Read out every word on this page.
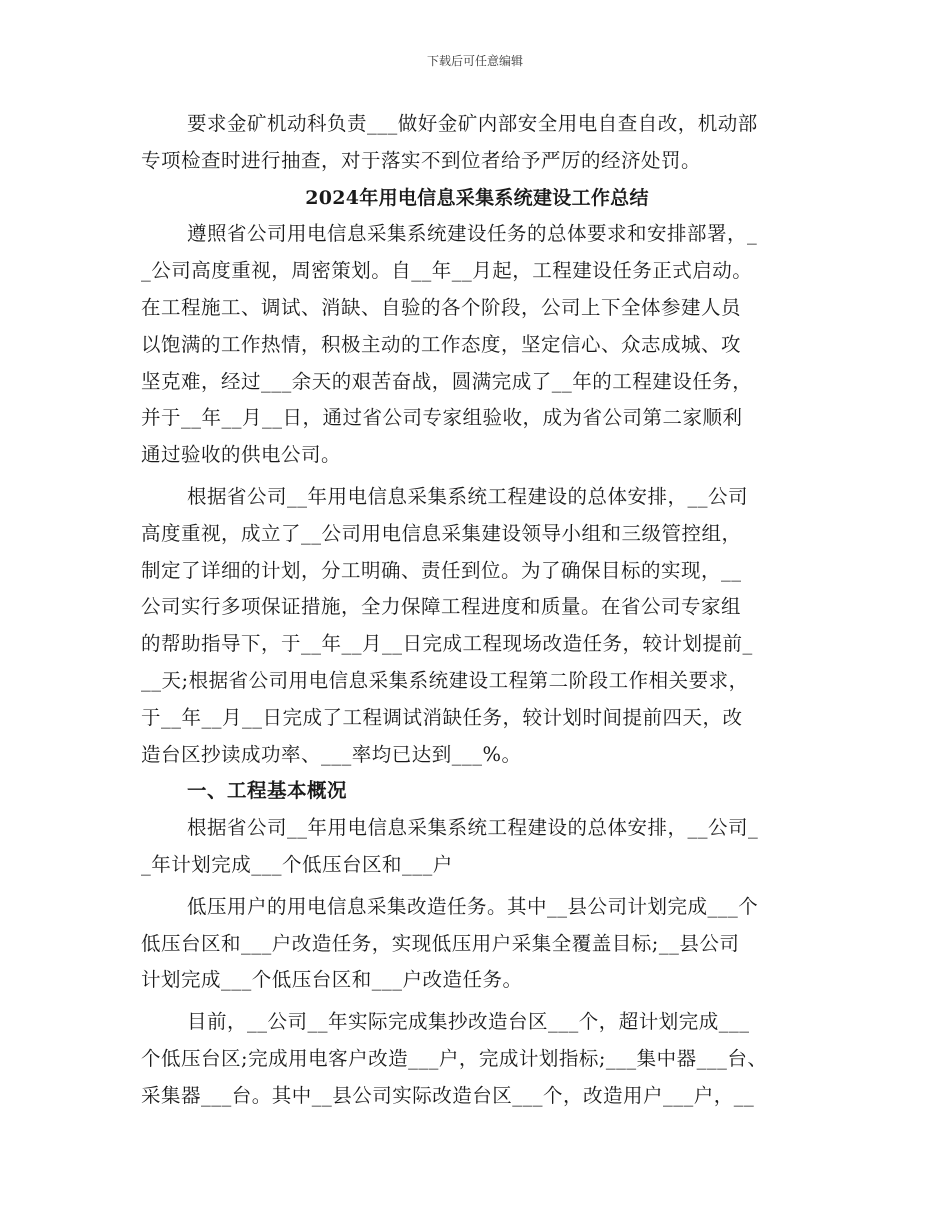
下载后可任意编辑
要求金矿机动科负责___做好金矿内部安全用电自查自改，机动部
专项检查时进行抽查，对于落实不到位者给予严厉的经济处罚。
2024年用电信息采集系统建设工作总结
遵照省公司用电信息采集系统建设任务的总体要求和安排部署，_
_公司高度重视，周密策划。自__年__月起，工程建设任务正式启动。
在工程施工、调试、消缺、自验的各个阶段，公司上下全体参建人员
以饱满的工作热情，积极主动的工作态度，坚定信心、众志成城、攻
坚克难，经过___余天的艰苦奋战，圆满完成了__年的工程建设任务，
并于__年__月__日，通过省公司专家组验收，成为省公司第二家顺利
通过验收的供电公司。
根据省公司__年用电信息采集系统工程建设的总体安排，__公司
高度重视，成立了__公司用电信息采集建设领导小组和三级管控组，
制定了详细的计划，分工明确、责任到位。为了确保目标的实现，__
公司实行多项保证措施，全力保障工程进度和质量。在省公司专家组
的帮助指导下，于__年__月__日完成工程现场改造任务，较计划提前_
__天;根据省公司用电信息采集系统建设工程第二阶段工作相关要求，
于__年__月__日完成了工程调试消缺任务，较计划时间提前四天，改
造台区抄读成功率、___率均已达到___%。
一、工程基本概况
根据省公司__年用电信息采集系统工程建设的总体安排，__公司_
_年计划完成___个低压台区和___户
低压用户的用电信息采集改造任务。其中__县公司计划完成___个
低压台区和___户改造任务，实现低压用户采集全覆盖目标;__县公司
计划完成___个低压台区和___户改造任务。
目前，__公司__年实际完成集抄改造台区___个，超计划完成___
个低压台区;完成用电客户改造___户，完成计划指标;___集中器___台、
采集器___台。其中__县公司实际改造台区___个，改造用户___户，__
